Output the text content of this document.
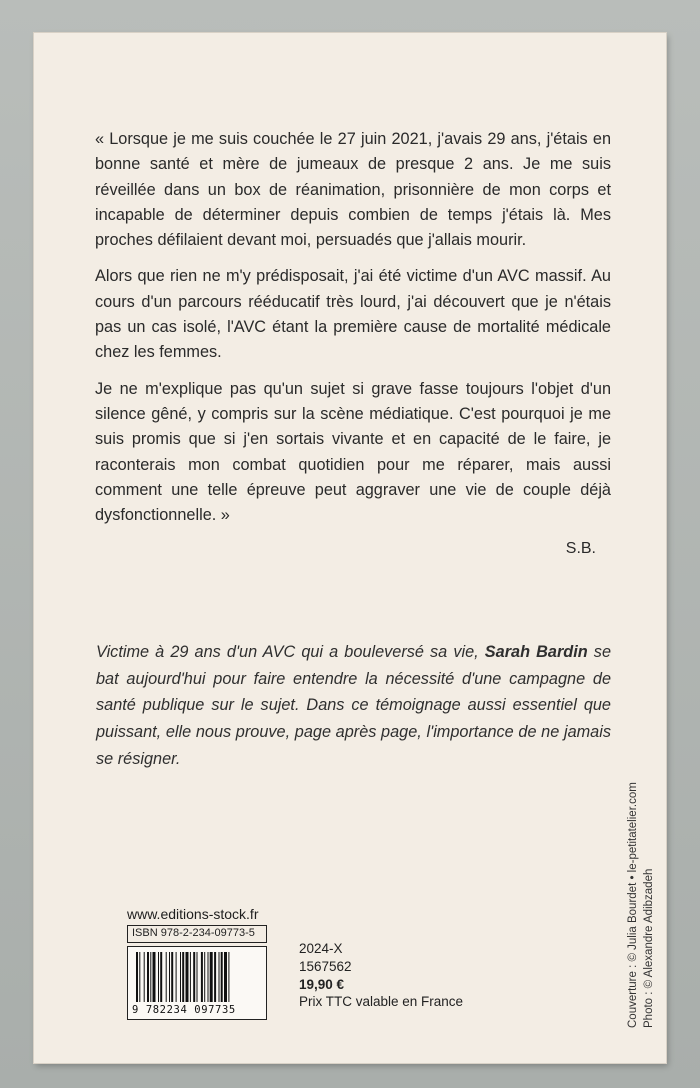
« Lorsque je me suis couchée le 27 juin 2021, j'avais 29 ans, j'étais en bonne santé et mère de jumeaux de presque 2 ans. Je me suis réveillée dans un box de réanimation, prisonnière de mon corps et incapable de déterminer depuis combien de temps j'étais là. Mes proches défilaient devant moi, persuadés que j'allais mourir.

Alors que rien ne m'y prédisposait, j'ai été victime d'un AVC massif. Au cours d'un parcours rééducatif très lourd, j'ai découvert que je n'étais pas un cas isolé, l'AVC étant la première cause de mortalité médicale chez les femmes.

Je ne m'explique pas qu'un sujet si grave fasse toujours l'objet d'un silence gêné, y compris sur la scène médiatique. C'est pourquoi je me suis promis que si j'en sortais vivante et en capacité de le faire, je raconterais mon combat quotidien pour me réparer, mais aussi comment une telle épreuve peut aggraver une vie de couple déjà dysfonctionnelle. »

S.B.
Victime à 29 ans d'un AVC qui a bouleversé sa vie, Sarah Bardin se bat aujourd'hui pour faire entendre la nécessité d'une campagne de santé publique sur le sujet. Dans ce témoignage aussi essentiel que puissant, elle nous prouve, page après page, l'importance de ne jamais se résigner.
Couverture : © Julia Bourdet • le-petitatelier.com Photo : © Alexandre Adibzadeh
www.editions-stock.fr
ISBN 978-2-234-09773-5
9 782234 097735
2024-X
1567562
19,90 €
Prix TTC valable en France
